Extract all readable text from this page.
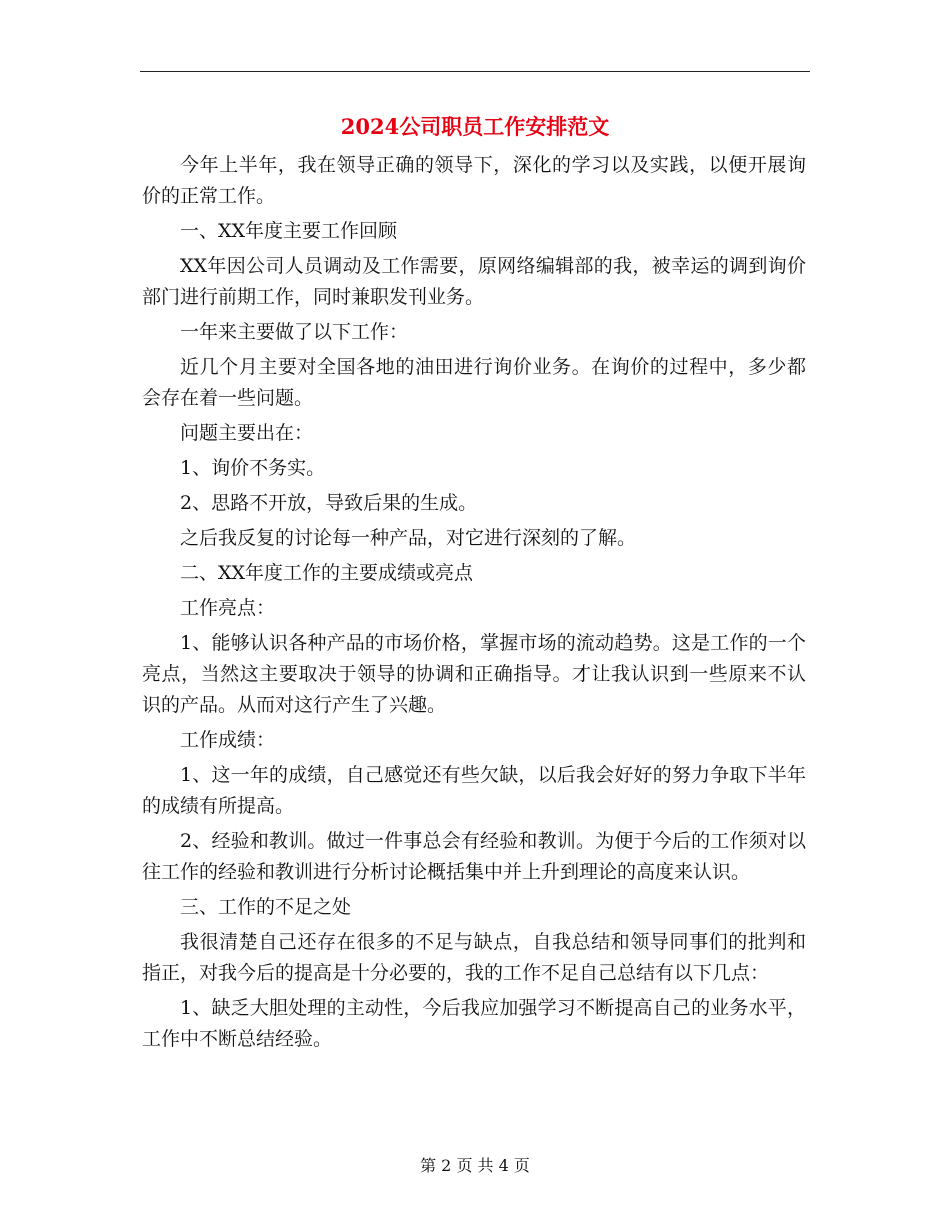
2024公司职员工作安排范文

今年上半年，我在领导正确的领导下，深化的学习以及实践，以便开展询价的正常工作。

一、XX年度主要工作回顾

XX年因公司人员调动及工作需要，原网络编辑部的我，被幸运的调到询价部门进行前期工作，同时兼职发刊业务。

一年来主要做了以下工作：

近几个月主要对全国各地的油田进行询价业务。在询价的过程中，多少都会存在着一些问题。

问题主要出在：

1、询价不务实。

2、思路不开放，导致后果的生成。

之后我反复的讨论每一种产品，对它进行深刻的了解。

二、XX年度工作的主要成绩或亮点

工作亮点：

1、能够认识各种产品的市场价格，掌握市场的流动趋势。这是工作的一个亮点，当然这主要取决于领导的协调和正确指导。才让我认识到一些原来不认识的产品。从而对这行产生了兴趣。

工作成绩：

1、这一年的成绩，自己感觉还有些欠缺，以后我会好好的努力争取下半年的成绩有所提高。

2、经验和教训。做过一件事总会有经验和教训。为便于今后的工作须对以往工作的经验和教训进行分析讨论概括集中并上升到理论的高度来认识。

三、工作的不足之处

我很清楚自己还存在很多的不足与缺点，自我总结和领导同事们的批判和指正，对我今后的提高是十分必要的，我的工作不足自己总结有以下几点：

1、缺乏大胆处理的主动性，今后我应加强学习不断提高自己的业务水平，工作中不断总结经验。

第 2 页 共 4 页
